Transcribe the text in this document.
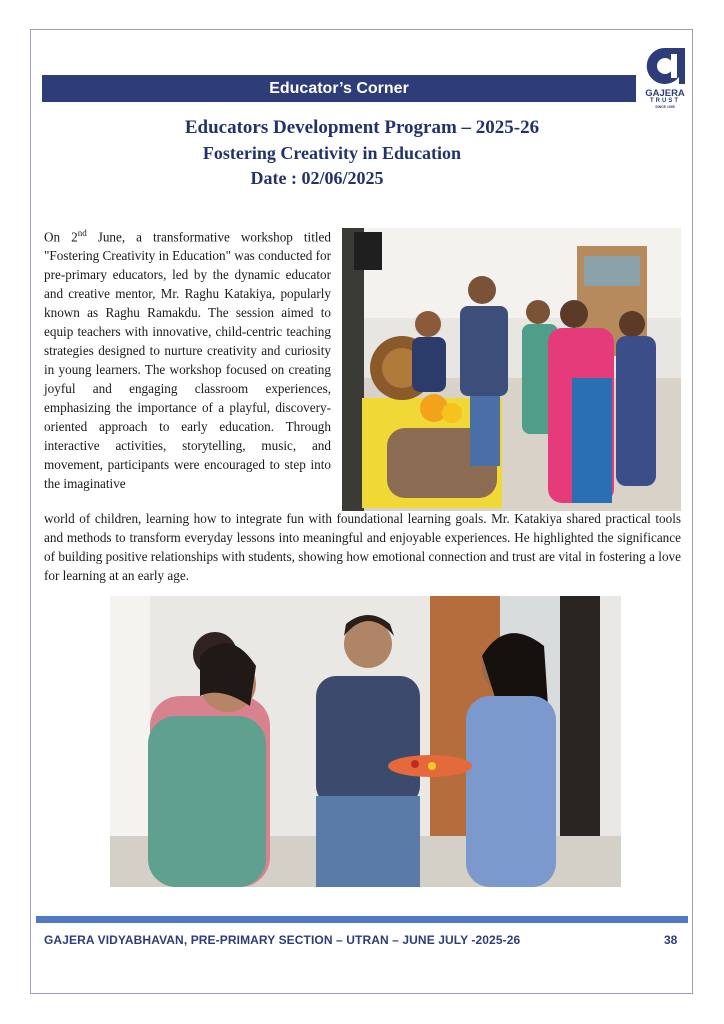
Educator’s Corner	GAJERA
TRUST
SINCE 1995
Educators Development Program – 2025-26
Fostering Creativity in Education
Date : 02/06/2025
On 2nd June, a transformative workshop titled "Fostering Creativity in Education" was conducted for pre-primary educators, led by the dynamic educator and creative mentor, Mr. Raghu Katakiya, popularly known as Raghu Ramakdu. The session aimed to equip teachers with innovative, child-centric teaching strategies designed to nurture creativity and curiosity in young learners. The workshop focused on creating joyful and engaging classroom experiences, emphasizing the importance of a playful, discovery-oriented approach to early education. Through interactive activities, storytelling, music, and movement, participants were encouraged to step into the imaginative
world of children, learning how to integrate fun with foundational learning goals. Mr. Katakiya shared practical tools and methods to transform everyday lessons into meaningful and enjoyable experiences. He highlighted the significance of building positive relationships with students, showing how emotional connection and trust are vital in fostering a love for learning at an early age.
GAJERA VIDYABHAVAN, PRE-PRIMARY SECTION – UTRAN – JUNE JULY -2025-26	38
